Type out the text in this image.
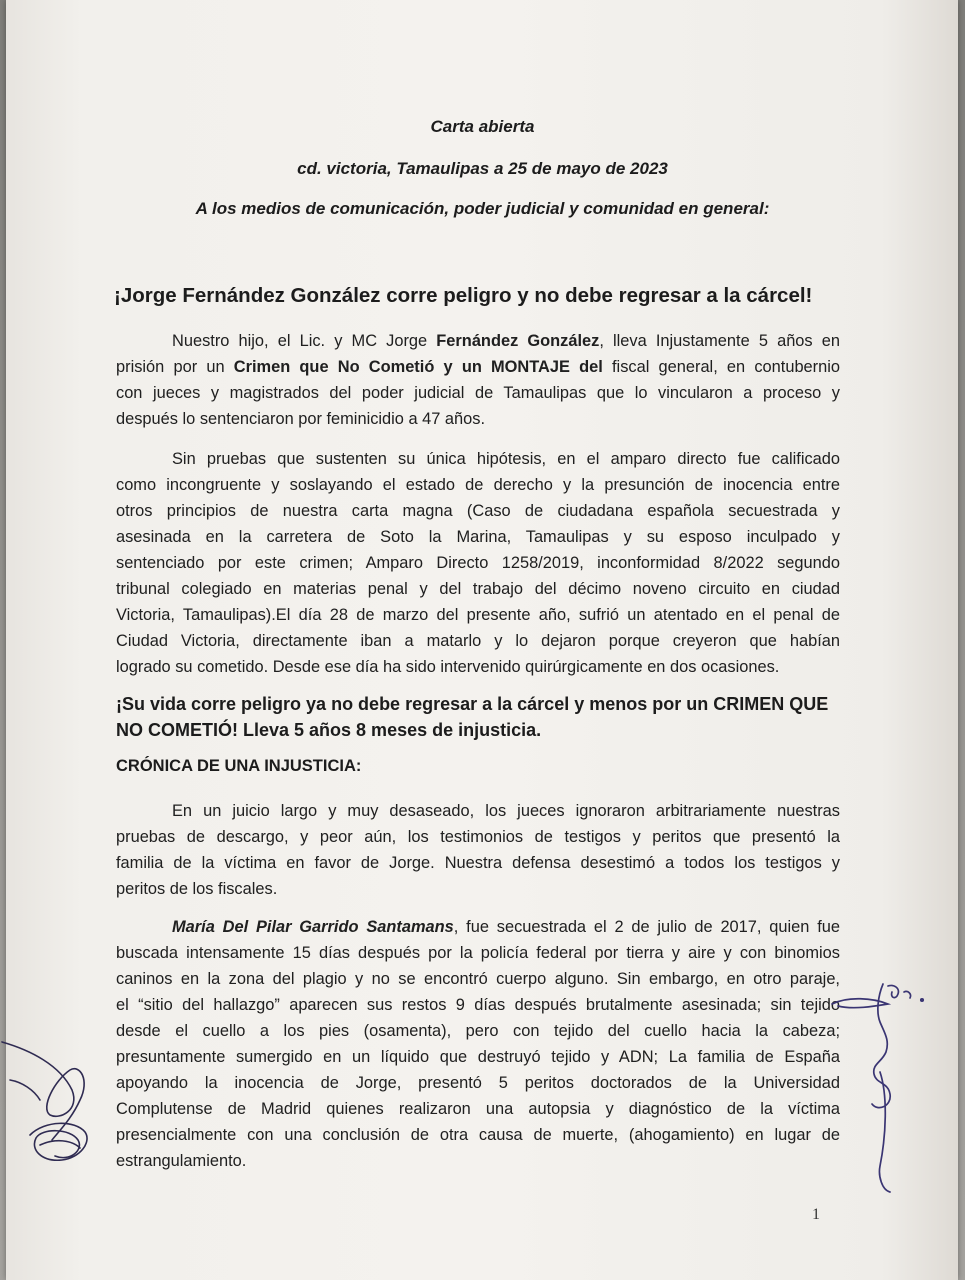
Carta abierta
cd. victoria, Tamaulipas a 25 de mayo de 2023
A los medios de comunicación, poder judicial y comunidad en general:
¡Jorge Fernández González corre peligro y no debe regresar a la cárcel!
Nuestro hijo, el Lic. y MC Jorge Fernández González, lleva Injustamente 5 años en
prisión por un Crimen que No Cometió y un MONTAJE del fiscal general, en contubernio
con jueces y magistrados del poder judicial de Tamaulipas que lo vincularon a proceso y
después lo sentenciaron por feminicidio a 47 años.
Sin pruebas que sustenten su única hipótesis, en el amparo directo fue calificado
como incongruente y soslayando el estado de derecho y la presunción de inocencia entre
otros principios de nuestra carta magna (Caso de ciudadana española secuestrada y
asesinada en la carretera de Soto la Marina, Tamaulipas y su esposo inculpado y
sentenciado por este crimen; Amparo Directo 1258/2019, inconformidad 8/2022 segundo
tribunal colegiado en materias penal y del trabajo del décimo noveno circuito en ciudad
Victoria, Tamaulipas).El día 28 de marzo del presente año, sufrió un atentado en el penal de
Ciudad Victoria, directamente iban a matarlo y lo dejaron porque creyeron que habían
logrado su cometido. Desde ese día ha sido intervenido quirúrgicamente en dos ocasiones.
¡Su vida corre peligro ya no debe regresar a la cárcel y menos por un CRIMEN QUE
NO COMETIÓ! Lleva 5 años 8 meses de injusticia.
CRÓNICA DE UNA INJUSTICIA:
En un juicio largo y muy desaseado, los jueces ignoraron arbitrariamente nuestras
pruebas de descargo, y peor aún, los testimonios de testigos y peritos que presentó la
familia de la víctima en favor de Jorge. Nuestra defensa desestimó a todos los testigos y
peritos de los fiscales.
María Del Pilar Garrido Santamans, fue secuestrada el 2 de julio de 2017, quien fue
buscada intensamente 15 días después por la policía federal por tierra y aire y con binomios
caninos en la zona del plagio y no se encontró cuerpo alguno. Sin embargo, en otro paraje,
el “sitio del hallazgo” aparecen sus restos 9 días después brutalmente asesinada; sin tejido
desde el cuello a los pies (osamenta), pero con tejido del cuello hacia la cabeza;
presuntamente sumergido en un líquido que destruyó tejido y ADN; La familia de España
apoyando la inocencia de Jorge, presentó 5 peritos doctorados de la Universidad
Complutense de Madrid quienes realizaron una autopsia y diagnóstico de la víctima
presencialmente con una conclusión de otra causa de muerte, (ahogamiento) en lugar de
estrangulamiento.
1
